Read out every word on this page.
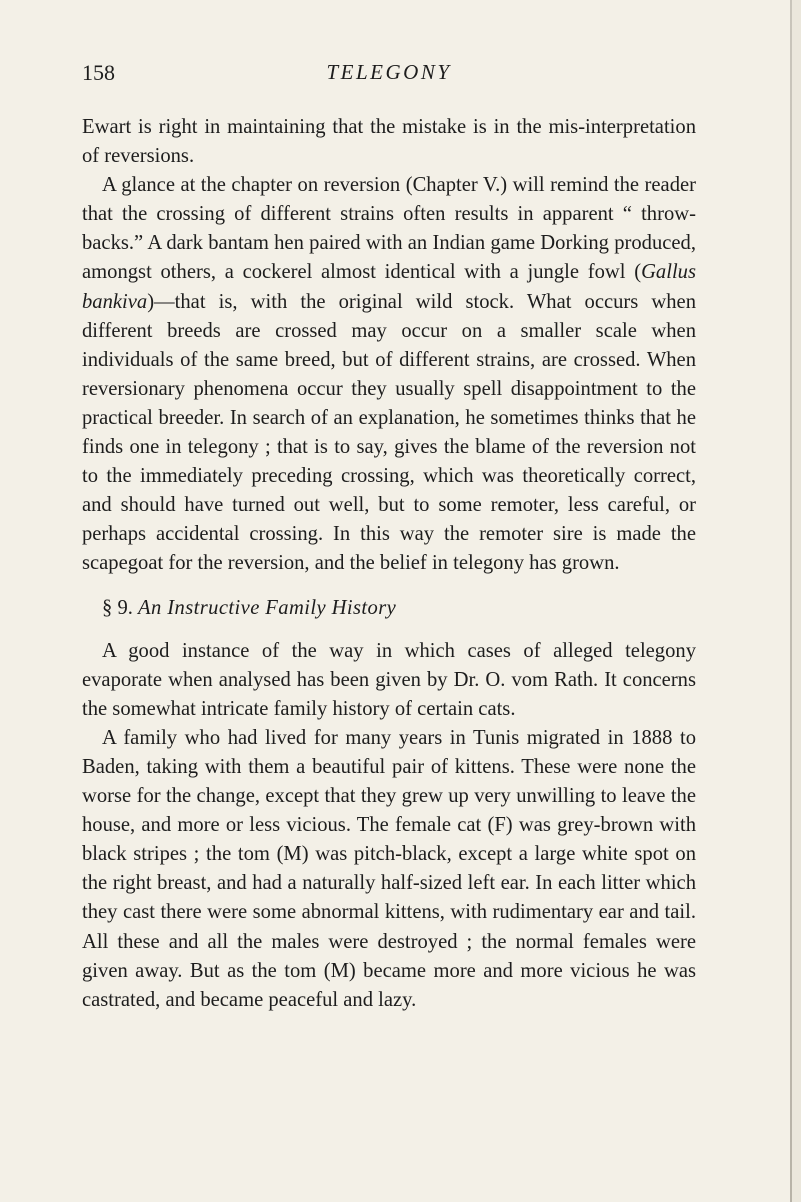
158	TELEGONY

Ewart is right in maintaining that the mistake is in the mis-interpretation of reversions.

A glance at the chapter on reversion (Chapter V.) will remind the reader that the crossing of different strains often results in apparent “ throw-backs.” A dark bantam hen paired with an Indian game Dorking produced, amongst others, a cockerel almost identical with a jungle fowl (Gallus bankiva)—that is, with the original wild stock. What occurs when different breeds are crossed may occur on a smaller scale when individuals of the same breed, but of different strains, are crossed. When reversionary phenomena occur they usually spell disappointment to the practical breeder. In search of an explanation, he sometimes thinks that he finds one in telegony ; that is to say, gives the blame of the reversion not to the immediately preceding crossing, which was theoretically correct, and should have turned out well, but to some remoter, less careful, or perhaps accidental crossing. In this way the remoter sire is made the scapegoat for the reversion, and the belief in telegony has grown.

§ 9. An Instructive Family History

A good instance of the way in which cases of alleged telegony evaporate when analysed has been given by Dr. O. vom Rath. It concerns the somewhat intricate family history of certain cats.

A family who had lived for many years in Tunis migrated in 1888 to Baden, taking with them a beautiful pair of kittens. These were none the worse for the change, except that they grew up very unwilling to leave the house, and more or less vicious. The female cat (F) was grey-brown with black stripes ; the tom (M) was pitch-black, except a large white spot on the right breast, and had a naturally half-sized left ear. In each litter which they cast there were some abnormal kittens, with rudimentary ear and tail. All these and all the males were destroyed ; the normal females were given away. But as the tom (M) became more and more vicious he was castrated, and became peaceful and lazy.
